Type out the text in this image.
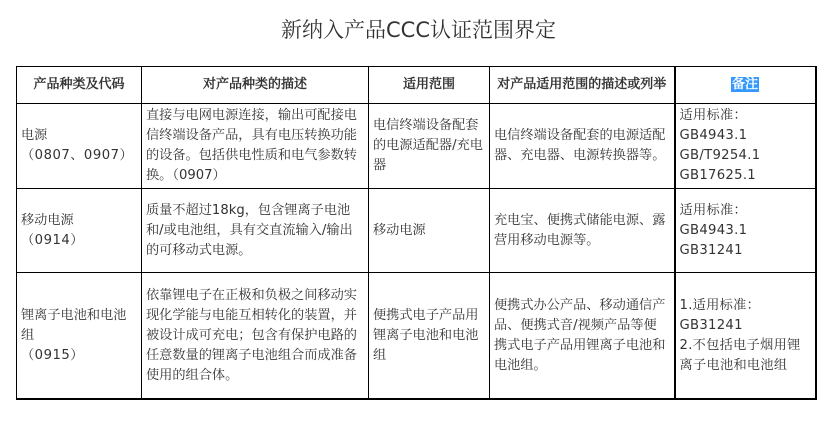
新纳入产品CCC认证范围界定
产品种类及代码	对产品种类的描述	适用范围	对产品适用范围的描述或列举	备注

电源
（0807、0907）	直接与电网电源连接，输出可配接电信终端设备产品，具有电压转换功能的设备。包括供电性质和电气参数转换。（0907）	电信终端设备配套的电源适配器/充电器	电信终端设备配套的电源适配器、充电器、电源转换器等。	适用标准：
GB4943.1
GB/T9254.1
GB17625.1

移动电源
（0914）	质量不超过18kg，包含锂离子电池和/或电池组，具有交直流输入/输出的可移动式电源。	移动电源	充电宝、便携式储能电源、露营用移动电源等。	适用标准：
GB4943.1
GB31241

锂离子电池和电池组
（0915）	依靠锂电子在正极和负极之间移动实现化学能与电能互相转化的装置，并被设计成可充电；包含有保护电路的任意数量的锂离子电池组合而成准备使用的组合体。	便携式电子产品用锂离子电池和电池组	便携式办公产品、移动通信产品、便携式音/视频产品等便携式电子产品用锂离子电池和电池组。	1.适用标准：
GB31241
2.不包括电子烟用锂离子电池和电池组
